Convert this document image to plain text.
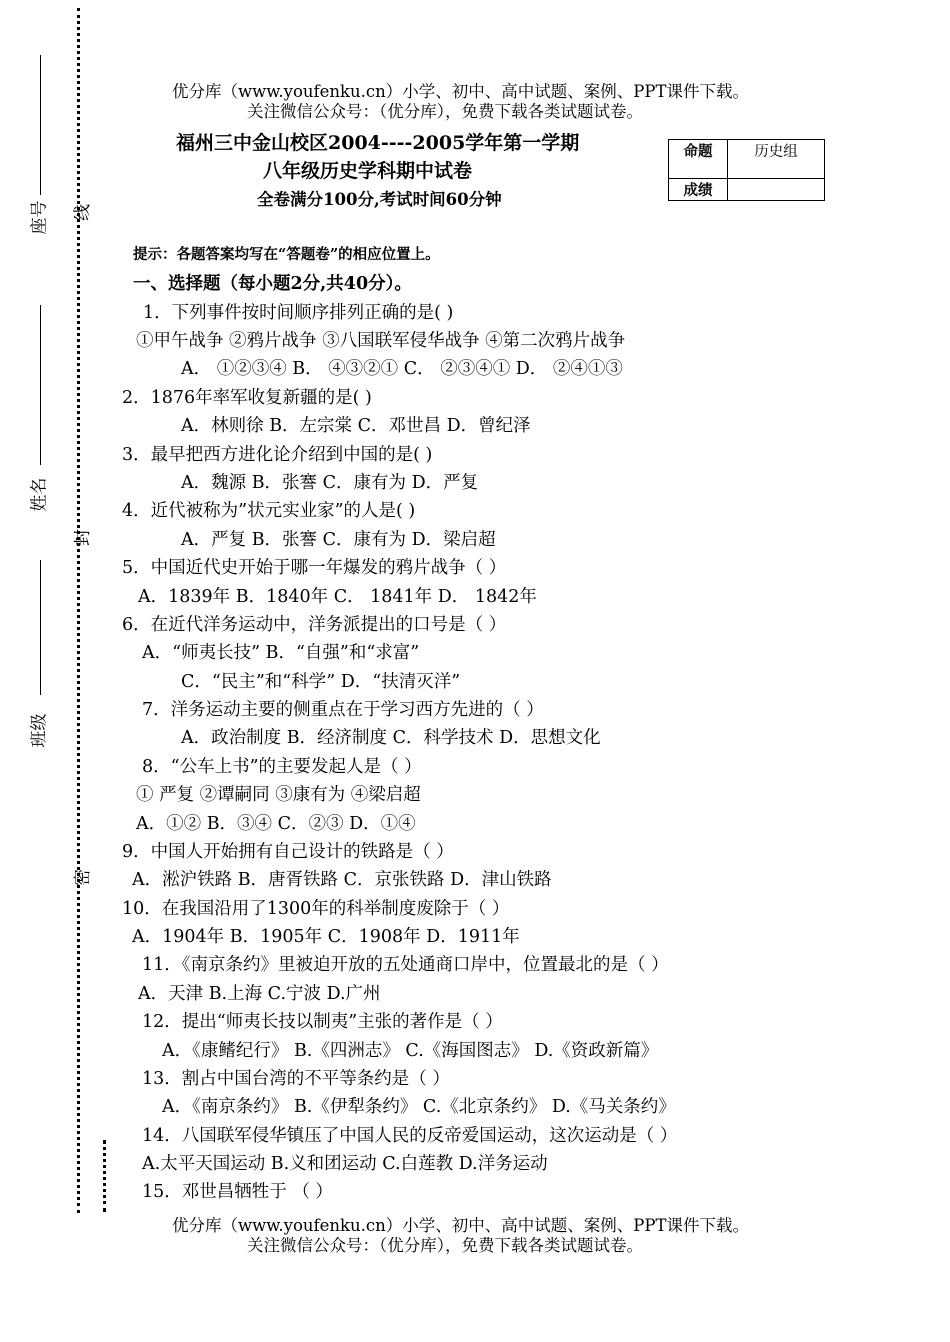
座号
姓名
班级
线
封
密
优分库（www.youfenku.cn）小学、初中、高中试题、案例、PPT课件下载。
关注微信公众号：（优分库），免费下载各类试题试卷。
福州三中金山校区2004----2005学年第一学期
八年级历史学科期中试卷
全卷满分100分,考试时间60分钟
命题	历史组
成绩	
提示：各题答案均写在“答题卷”的相应位置上。
一、选择题（每小题2分,共40分）。
1．下列事件按时间顺序排列正确的是( )
①甲午战争 ②鸦片战争 ③八国联军侵华战争 ④第二次鸦片战争
A． ①②③④ B． ④③②① C． ②③④① D． ②④①③
2．1876年率军收复新疆的是( )
A．林则徐 B．左宗棠 C．邓世昌 D．曾纪泽
3．最早把西方进化论介绍到中国的是( )
A．魏源 B．张謇 C．康有为 D．严复
4．近代被称为”状元实业家”的人是( )
A．严复 B．张謇 C．康有为 D．梁启超
5．中国近代史开始于哪一年爆发的鸦片战争（ ）
A．1839年 B．1840年 C． 1841年 D． 1842年
6．在近代洋务运动中，洋务派提出的口号是（ ）
A．“师夷长技” B．“自强”和“求富”
C．“民主”和“科学” D．“扶清灭洋”
7．洋务运动主要的侧重点在于学习西方先进的（ ）
A．政治制度 B．经济制度 C．科学技术 D．思想文化
8．“公车上书”的主要发起人是（ ）
① 严复 ②谭嗣同 ③康有为 ④梁启超
A．①② B．③④ C．②③ D．①④
9．中国人开始拥有自己设计的铁路是（ ）
A．淞沪铁路 B．唐胥铁路 C．京张铁路 D．津山铁路
10．在我国沿用了1300年的科举制度废除于（ ）
A．1904年 B．1905年 C．1908年 D．1911年
11．《南京条约》里被迫开放的五处通商口岸中，位置最北的是（ ）
A．天津 B.上海 C.宁波 D.广州
12．提出“师夷长技以制夷”主张的著作是（ ）
A．《康鳍纪行》 B.《四洲志》 C.《海国图志》 D.《资政新篇》
13．割占中国台湾的不平等条约是（ ）
A．《南京条约》 B.《伊犁条约》 C.《北京条约》 D.《马关条约》
14．八国联军侵华镇压了中国人民的反帝爱国运动，这次运动是（ ）
A.太平天国运动 B.义和团运动 C.白莲教 D.洋务运动
15．邓世昌牺牲于 （ ）
优分库（www.youfenku.cn）小学、初中、高中试题、案例、PPT课件下载。
关注微信公众号：（优分库），免费下载各类试题试卷。
